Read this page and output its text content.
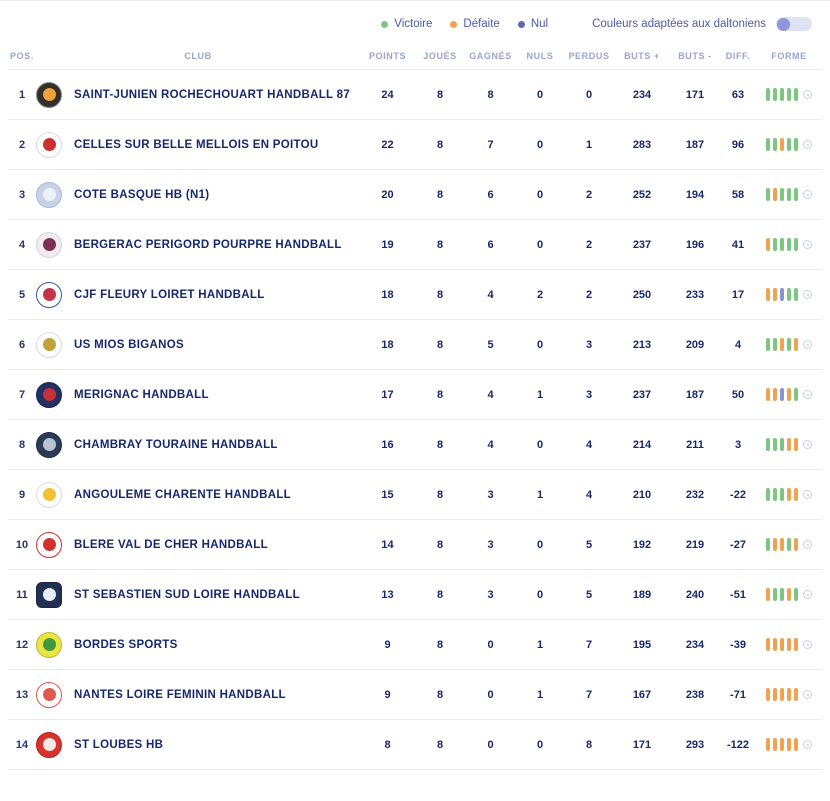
Victoire	Défaite	Nul	Couleurs adaptées aux daltoniens
POS.	CLUB	POINTS	JOUÉS	GAGNÉS	NULS	PERDUS	BUTS +	BUTS -	DIFF.	FORME
1	SAINT-JUNIEN ROCHECHOUART HANDBALL 87	24	8	8	0	0	234	171	63
2	CELLES SUR BELLE MELLOIS EN POITOU	22	8	7	0	1	283	187	96
3	COTE BASQUE HB (N1)	20	8	6	0	2	252	194	58
4	BERGERAC PERIGORD POURPRE HANDBALL	19	8	6	0	2	237	196	41
5	CJF FLEURY LOIRET HANDBALL	18	8	4	2	2	250	233	17
6	US MIOS BIGANOS	18	8	5	0	3	213	209	4
7	MERIGNAC HANDBALL	17	8	4	1	3	237	187	50
8	CHAMBRAY TOURAINE HANDBALL	16	8	4	0	4	214	211	3
9	ANGOULEME CHARENTE HANDBALL	15	8	3	1	4	210	232	-22
10	BLERE VAL DE CHER HANDBALL	14	8	3	0	5	192	219	-27
11	ST SEBASTIEN SUD LOIRE HANDBALL	13	8	3	0	5	189	240	-51
12	BORDES SPORTS	9	8	0	1	7	195	234	-39
13	NANTES LOIRE FEMININ HANDBALL	9	8	0	1	7	167	238	-71
14	ST LOUBES HB	8	8	0	0	8	171	293	-122
